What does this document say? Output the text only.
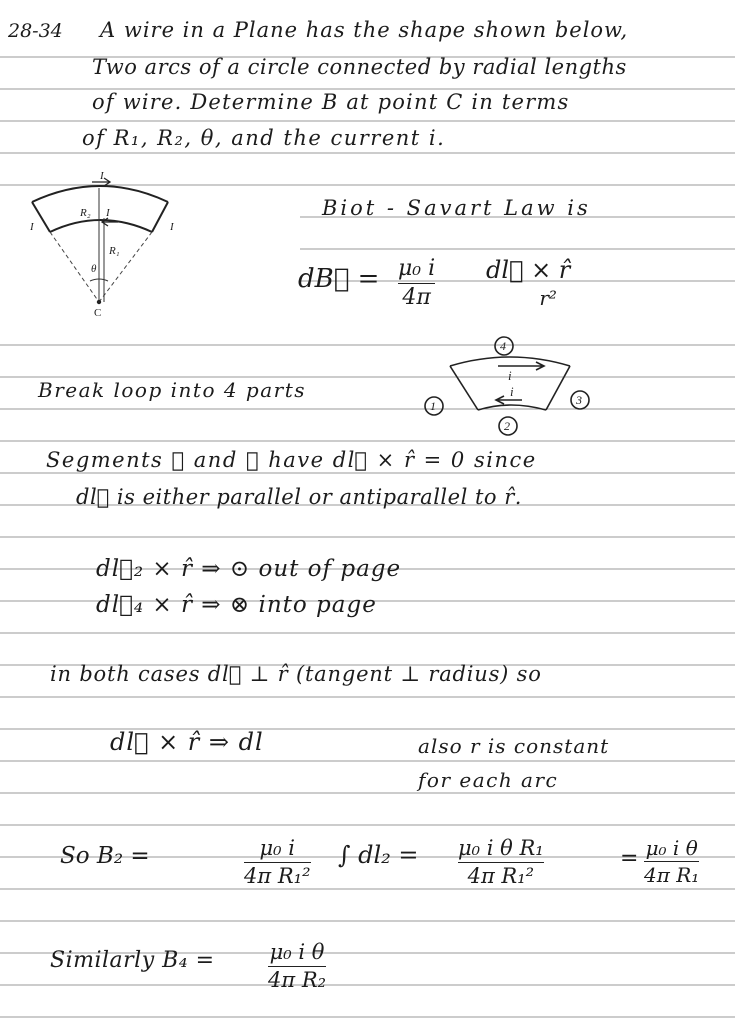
28-34 A wire in a Plane has the shape shown below,
Two arcs of a circle connected by radial lengths
of wire. Determine B at point C in terms
of R₁, R₂, θ, and the current i.
I
I
I	I
R₂
R₁
θ
C
Biot - Savart Law is
dB⃗ = μ₀ i
4π
dl⃗ × r̂
r²
Break loop into 4 parts
4
1
2
3
i
i
Segments ① and ③ have dl⃗ × r̂ = 0 since
dl⃗ is either parallel or antiparallel to r̂.
dl⃗₂ × r̂ ⇒ ⊙ out of page
dl⃗₄ × r̂ ⇒ ⊗ into page
in both cases dl⃗ ⊥ r̂ (tangent ⊥ radius) so
dl⃗ × r̂ ⇒ dl	also r is constant
for each arc
So B₂ =	μ₀ i
4π R₁²
∫ dl₂ = μ₀ i θ R₁
4π R₁²
= μ₀ i θ
4π R₁
Similarly B₄ =	μ₀ i θ
4π R₂
